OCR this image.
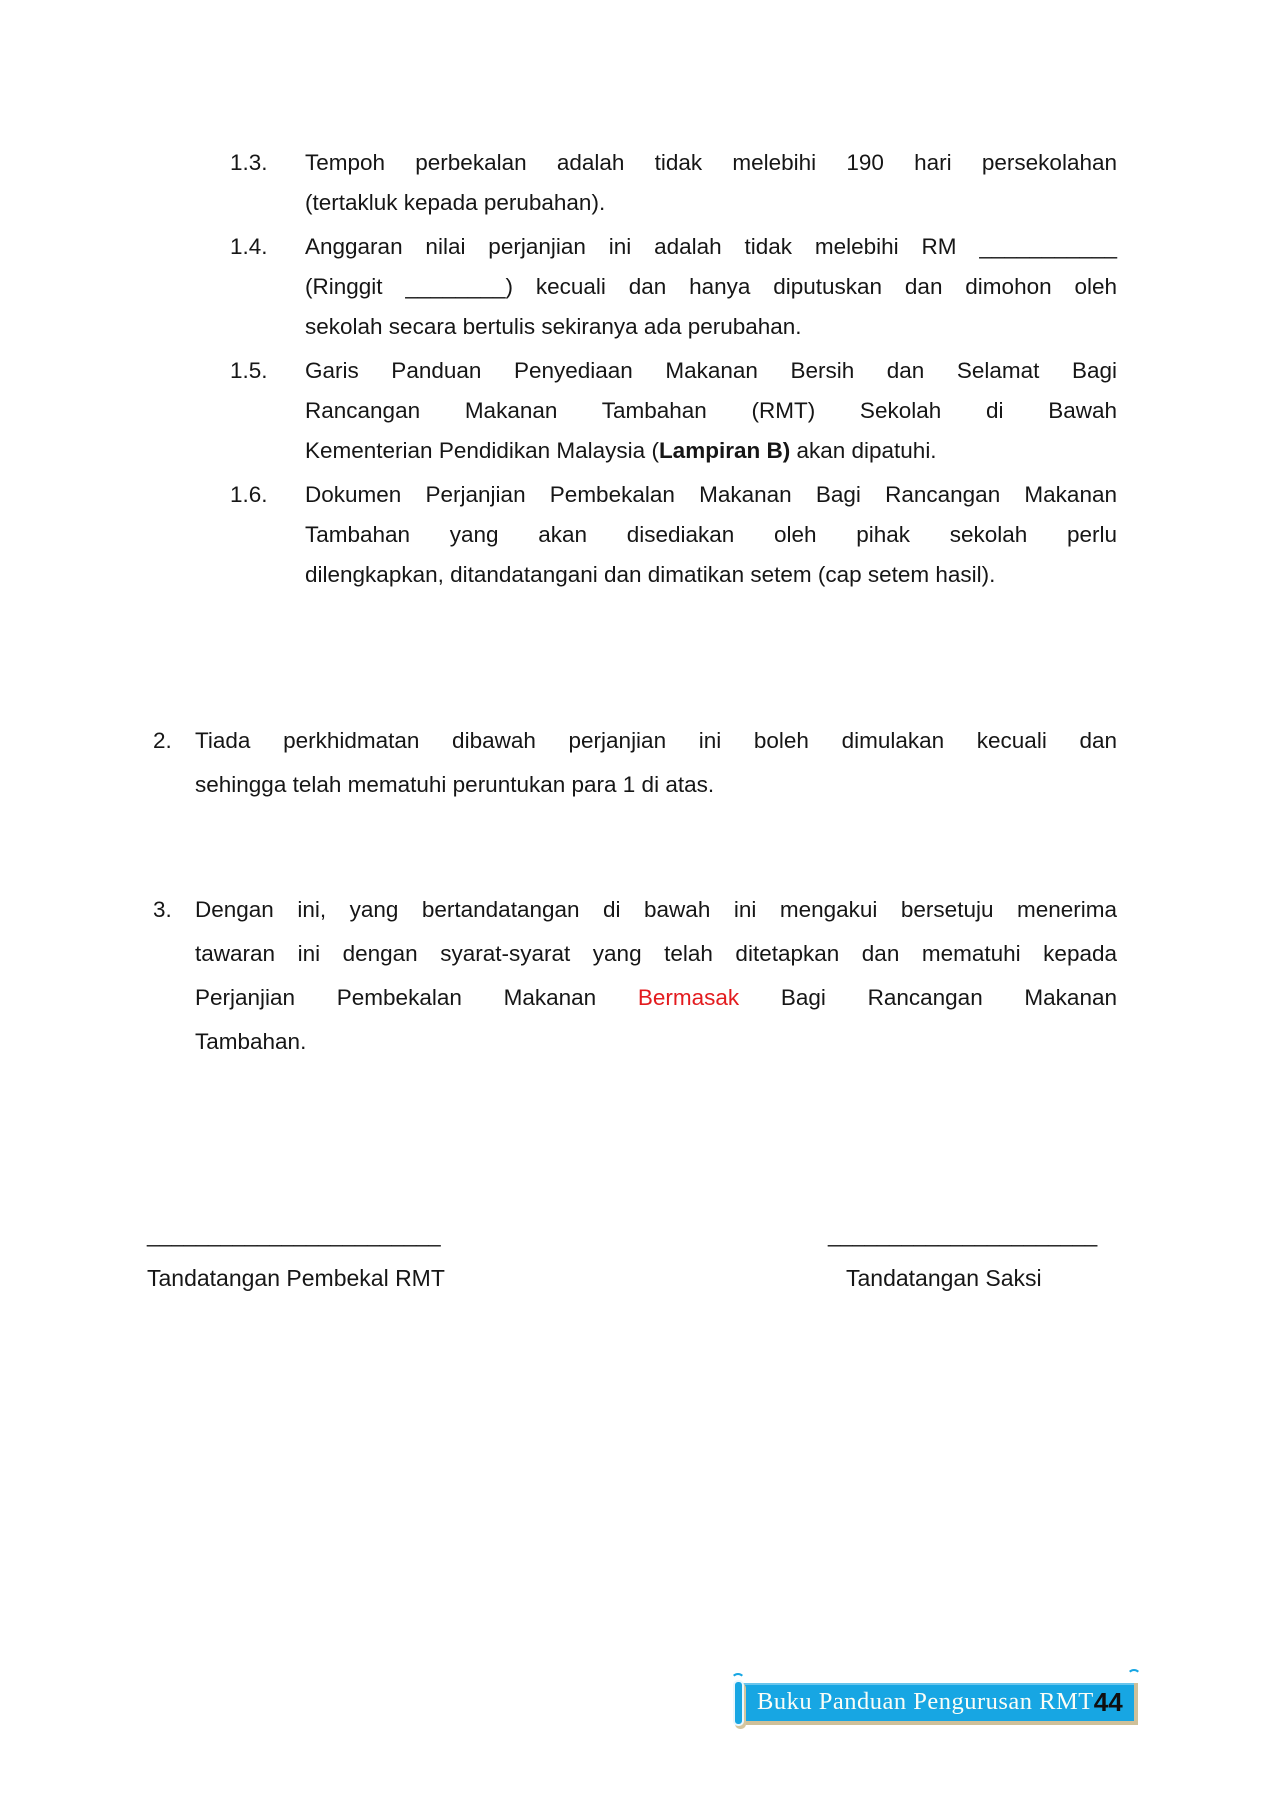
1.3. Tempoh perbekalan adalah tidak melebihi 190 hari persekolahan
(tertakluk kepada perubahan).
1.4. Anggaran nilai perjanjian ini adalah tidak melebihi RM ___________
(Ringgit ________) kecuali dan hanya diputuskan dan dimohon oleh
sekolah secara bertulis sekiranya ada perubahan.
1.5. Garis Panduan Penyediaan Makanan Bersih dan Selamat Bagi
Rancangan Makanan Tambahan (RMT) Sekolah di Bawah
Kementerian Pendidikan Malaysia (Lampiran B) akan dipatuhi.
1.6. Dokumen Perjanjian Pembekalan Makanan Bagi Rancangan Makanan
Tambahan yang akan disediakan oleh pihak sekolah perlu
dilengkapkan, ditandatangani dan dimatikan setem (cap setem hasil).
2. Tiada perkhidmatan dibawah perjanjian ini boleh dimulakan kecuali dan
sehingga telah mematuhi peruntukan para 1 di atas.
3. Dengan ini, yang bertandatangan di bawah ini mengakui bersetuju menerima
tawaran ini dengan syarat-syarat yang telah ditetapkan dan mematuhi kepada
Perjanjian Pembekalan Makanan Bermasak Bagi Rancangan Makanan
Tambahan.
________________________
Tandatangan Pembekal RMT
______________________
Tandatangan Saksi
Buku Panduan Pengurusan RMT 44
